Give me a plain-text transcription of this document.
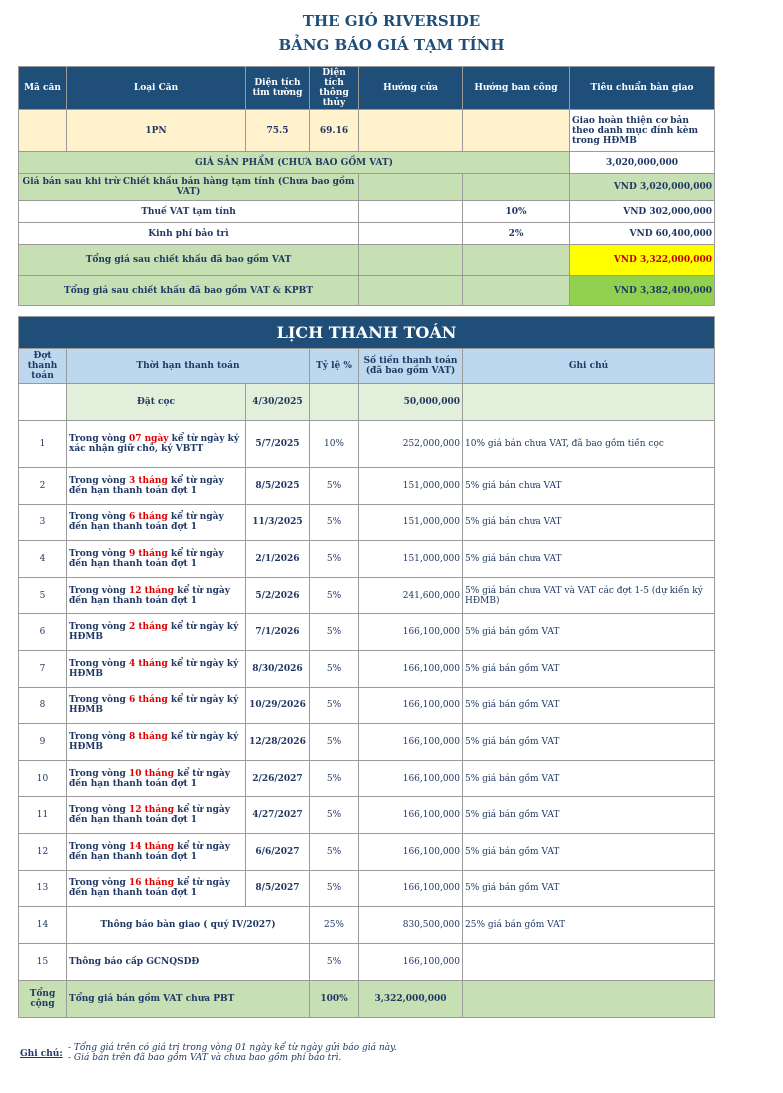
THE GIÓ RIVERSIDE
BẢNG BÁO GIÁ TẠM TÍNH
Mã căn	Loại Căn	Diện tích tim tường	Diện tích thông thủy	Hướng cửa	Hướng ban công	Tiêu chuẩn bàn giao
	1PN	75.5	69.16			Giao hoàn thiện cơ bản theo danh mục đính kèm trong HĐMB
GIÁ SẢN PHẨM (CHƯA BAO GỒM VAT)						3,020,000,000
Giá bán sau khi trừ Chiết khấu bán hàng tạm tính (Chưa bao gồm VAT)						VND 3,020,000,000
Thuế VAT tạm tính					10%	VND 302,000,000
Kinh phí bảo trì					2%	VND 60,400,000
Tổng giá sau chiết khấu đã bao gồm VAT						VND 3,322,000,000
Tổng giá sau chiết khấu đã bao gồm VAT & KPBT						VND 3,382,400,000
LỊCH THANH TOÁN					
Đợt thanh toán	Thời hạn thanh toán		Tỷ lệ %	Số tiền thanh toán (đã bao gồm VAT)	Ghi chú
	Đặt cọc	4/30/2025		50,000,000	
1	Trong vòng 07 ngày kể từ ngày ký xác nhận giữ chỗ, ký VBTT	5/7/2025	10%	252,000,000	10% giá bán chưa VAT, đã bao gồm tiền cọc
2	Trong vòng 3 tháng kể từ ngày đến hạn thanh toán đợt 1	8/5/2025	5%	151,000,000	5% giá bán chưa VAT
3	Trong vòng 6 tháng kể từ ngày đến hạn thanh toán đợt 1	11/3/2025	5%	151,000,000	5% giá bán chưa VAT
4	Trong vòng 9 tháng kể từ ngày đến hạn thanh toán đợt 1	2/1/2026	5%	151,000,000	5% giá bán chưa VAT
5	Trong vòng 12 tháng kể từ ngày đến hạn thanh toán đợt 1	5/2/2026	5%	241,600,000	5% giá bán chưa VAT và VAT các đợt 1-5 (dự kiến ký HĐMB)
6	Trong vòng 2 tháng kể từ ngày ký HĐMB	7/1/2026	5%	166,100,000	5% giá bán gồm VAT
7	Trong vòng 4 tháng kể từ ngày ký HĐMB	8/30/2026	5%	166,100,000	5% giá bán gồm VAT
8	Trong vòng 6 tháng kể từ ngày ký HĐMB	10/29/2026	5%	166,100,000	5% giá bán gồm VAT
9	Trong vòng 8 tháng kể từ ngày ký HĐMB	12/28/2026	5%	166,100,000	5% giá bán gồm VAT
10	Trong vòng 10 tháng kể từ ngày đến hạn thanh toán đợt 1	2/26/2027	5%	166,100,000	5% giá bán gồm VAT
11	Trong vòng 12 tháng kể từ ngày đến hạn thanh toán đợt 1	4/27/2027	5%	166,100,000	5% giá bán gồm VAT
12	Trong vòng 14 tháng kể từ ngày đến hạn thanh toán đợt 1	6/6/2027	5%	166,100,000	5% giá bán gồm VAT
13	Trong vòng 16 tháng kể từ ngày đến hạn thanh toán đợt 1	8/5/2027	5%	166,100,000	5% giá bán gồm VAT
14	Thông báo bàn giao ( quý IV/2027)		25%	830,500,000	25% giá bán gồm VAT
15	Thông báo cấp GCNQSDĐ		5%	166,100,000	
Tổng cộng	Tổng giá bán gồm VAT chưa PBT		100%	3,322,000,000	
Ghi chú:
- Tổng giá trên có giá trị trong vòng 01 ngày kể từ ngày gửi báo giá này.
- Giá bán trên đã bao gồm VAT và chưa bao gồm phí bảo trì.
